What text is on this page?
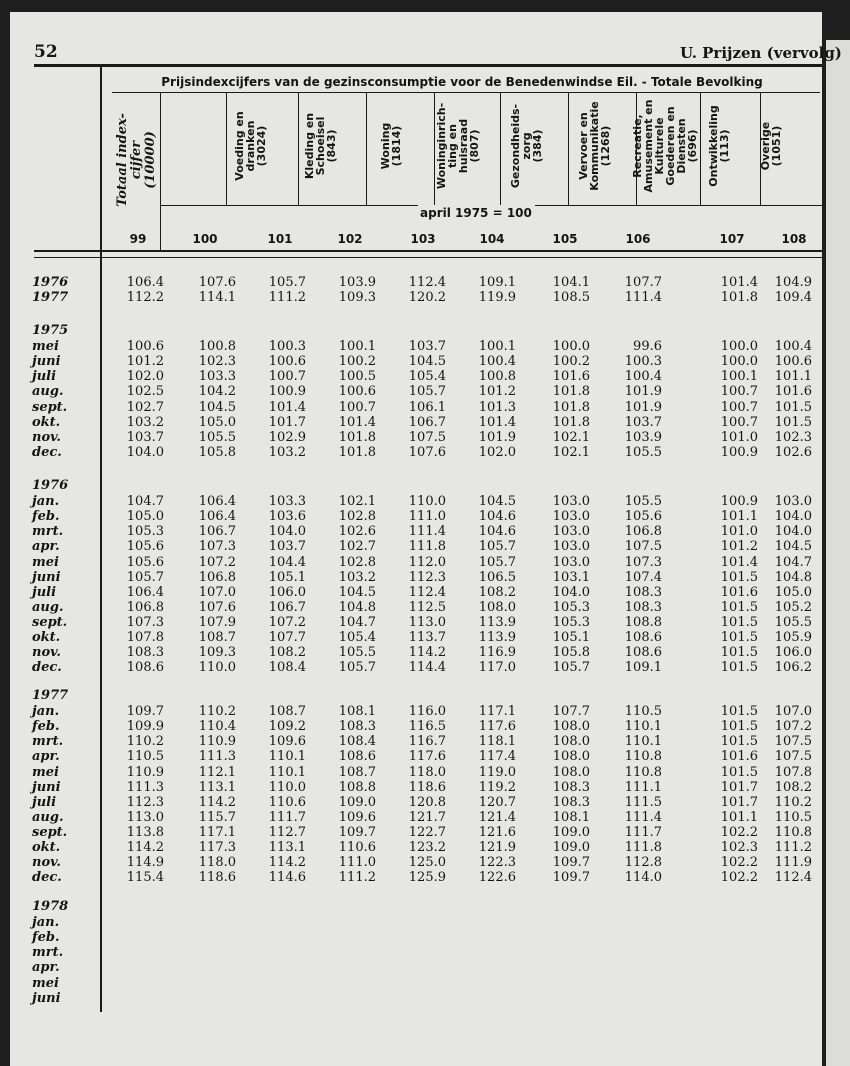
52	U. Prijzen (vervolg)
Prijsindexcijfers van de gezinsconsumptie voor de Benedenwindse Eil. - Totale Bevolking
april 1975 = 100
Totaal index-
cijfer
(10000)	Voeding en
dranken
(3024)	Kleding en
Schoeisel
(843)	Woning
(1814)	Woninginrich-
ting en
huisraad
(807)	Gezondheids-
zorg
(384)	Vervoer en
Kommunikatie
(1268) Recreatie,
Amusement en
Kulturele
Goederen en
Diensten
(696) Ontwikkeling
(113)	Overige
(1051)
99	100	101	102	103	104	105	106	107	108
1976	106.4	107.6	105.7	103.9	112.4	109.1	104.1	107.7	101.4	104.9
1977	112.2	114.1	111.2	109.3	120.2	119.9	108.5	111.4	101.8	109.4
1975
mei	100.6	100.8	100.3	100.1	103.7	100.1	100.0	99.6	100.0	100.4
juni	101.2	102.3	100.6	100.2	104.5	100.4	100.2	100.3	100.0	100.6
juli	102.0	103.3	100.7	100.5	105.4	100.8	101.6	100.4	100.1	101.1
aug.	102.5	104.2	100.9	100.6	105.7	101.2	101.8	101.9	100.7	101.6
sept.	102.7	104.5	101.4	100.7	106.1	101.3	101.8	101.9	100.7	101.5
okt.	103.2	105.0	101.7	101.4	106.7	101.4	101.8	103.7	100.7	101.5
nov.	103.7	105.5	102.9	101.8	107.5	101.9	102.1	103.9	101.0	102.3
dec.	104.0	105.8	103.2	101.8	107.6	102.0	102.1	105.5	100.9	102.6
1976
jan.	104.7	106.4	103.3	102.1	110.0	104.5	103.0	105.5	100.9	103.0
feb.	105.0	106.4	103.6	102.8	111.0	104.6	103.0	105.6	101.1	104.0
mrt.	105.3	106.7	104.0	102.6	111.4	104.6	103.0	106.8	101.0	104.0
apr.	105.6	107.3	103.7	102.7	111.8	105.7	103.0	107.5	101.2	104.5
mei	105.6	107.2	104.4	102.8	112.0	105.7	103.0	107.3	101.4	104.7
juni	105.7	106.8	105.1	103.2	112.3	106.5	103.1	107.4	101.5	104.8
juli	106.4	107.0	106.0	104.5	112.4	108.2	104.0	108.3	101.6	105.0
aug.	106.8	107.6	106.7	104.8	112.5	108.0	105.3	108.3	101.5	105.2
sept.	107.3	107.9	107.2	104.7	113.0	113.9	105.3	108.8	101.5	105.5
okt.	107.8	108.7	107.7	105.4	113.7	113.9	105.1	108.6	101.5	105.9
nov.	108.3	109.3	108.2	105.5	114.2	116.9	105.8	108.6	101.5	106.0
dec.	108.6	110.0	108.4	105.7	114.4	117.0	105.7	109.1	101.5	106.2
1977
jan.	109.7	110.2	108.7	108.1	116.0	117.1	107.7	110.5	101.5	107.0
feb.	109.9	110.4	109.2	108.3	116.5	117.6	108.0	110.1	101.5	107.2
mrt.	110.2	110.9	109.6	108.4	116.7	118.1	108.0	110.1	101.5	107.5
apr.	110.5	111.3	110.1	108.6	117.6	117.4	108.0	110.8	101.6	107.5
mei	110.9	112.1	110.1	108.7	118.0	119.0	108.0	110.8	101.5	107.8
juni	111.3	113.1	110.0	108.8	118.6	119.2	108.3	111.1	101.7	108.2
juli	112.3	114.2	110.6	109.0	120.8	120.7	108.3	111.5	101.7	110.2
aug.	113.0	115.7	111.7	109.6	121.7	121.4	108.1	111.4	101.1	110.5
sept.	113.8	117.1	112.7	109.7	122.7	121.6	109.0	111.7	102.2	110.8
okt.	114.2	117.3	113.1	110.6	123.2	121.9	109.0	111.8	102.3	111.2
nov.	114.9	118.0	114.2	111.0	125.0	122.3	109.7	112.8	102.2	111.9
dec.	115.4	118.6	114.6	111.2	125.9	122.6	109.7	114.0	102.2	112.4
1978
jan.
feb.
mrt.
apr.
mei
juni
